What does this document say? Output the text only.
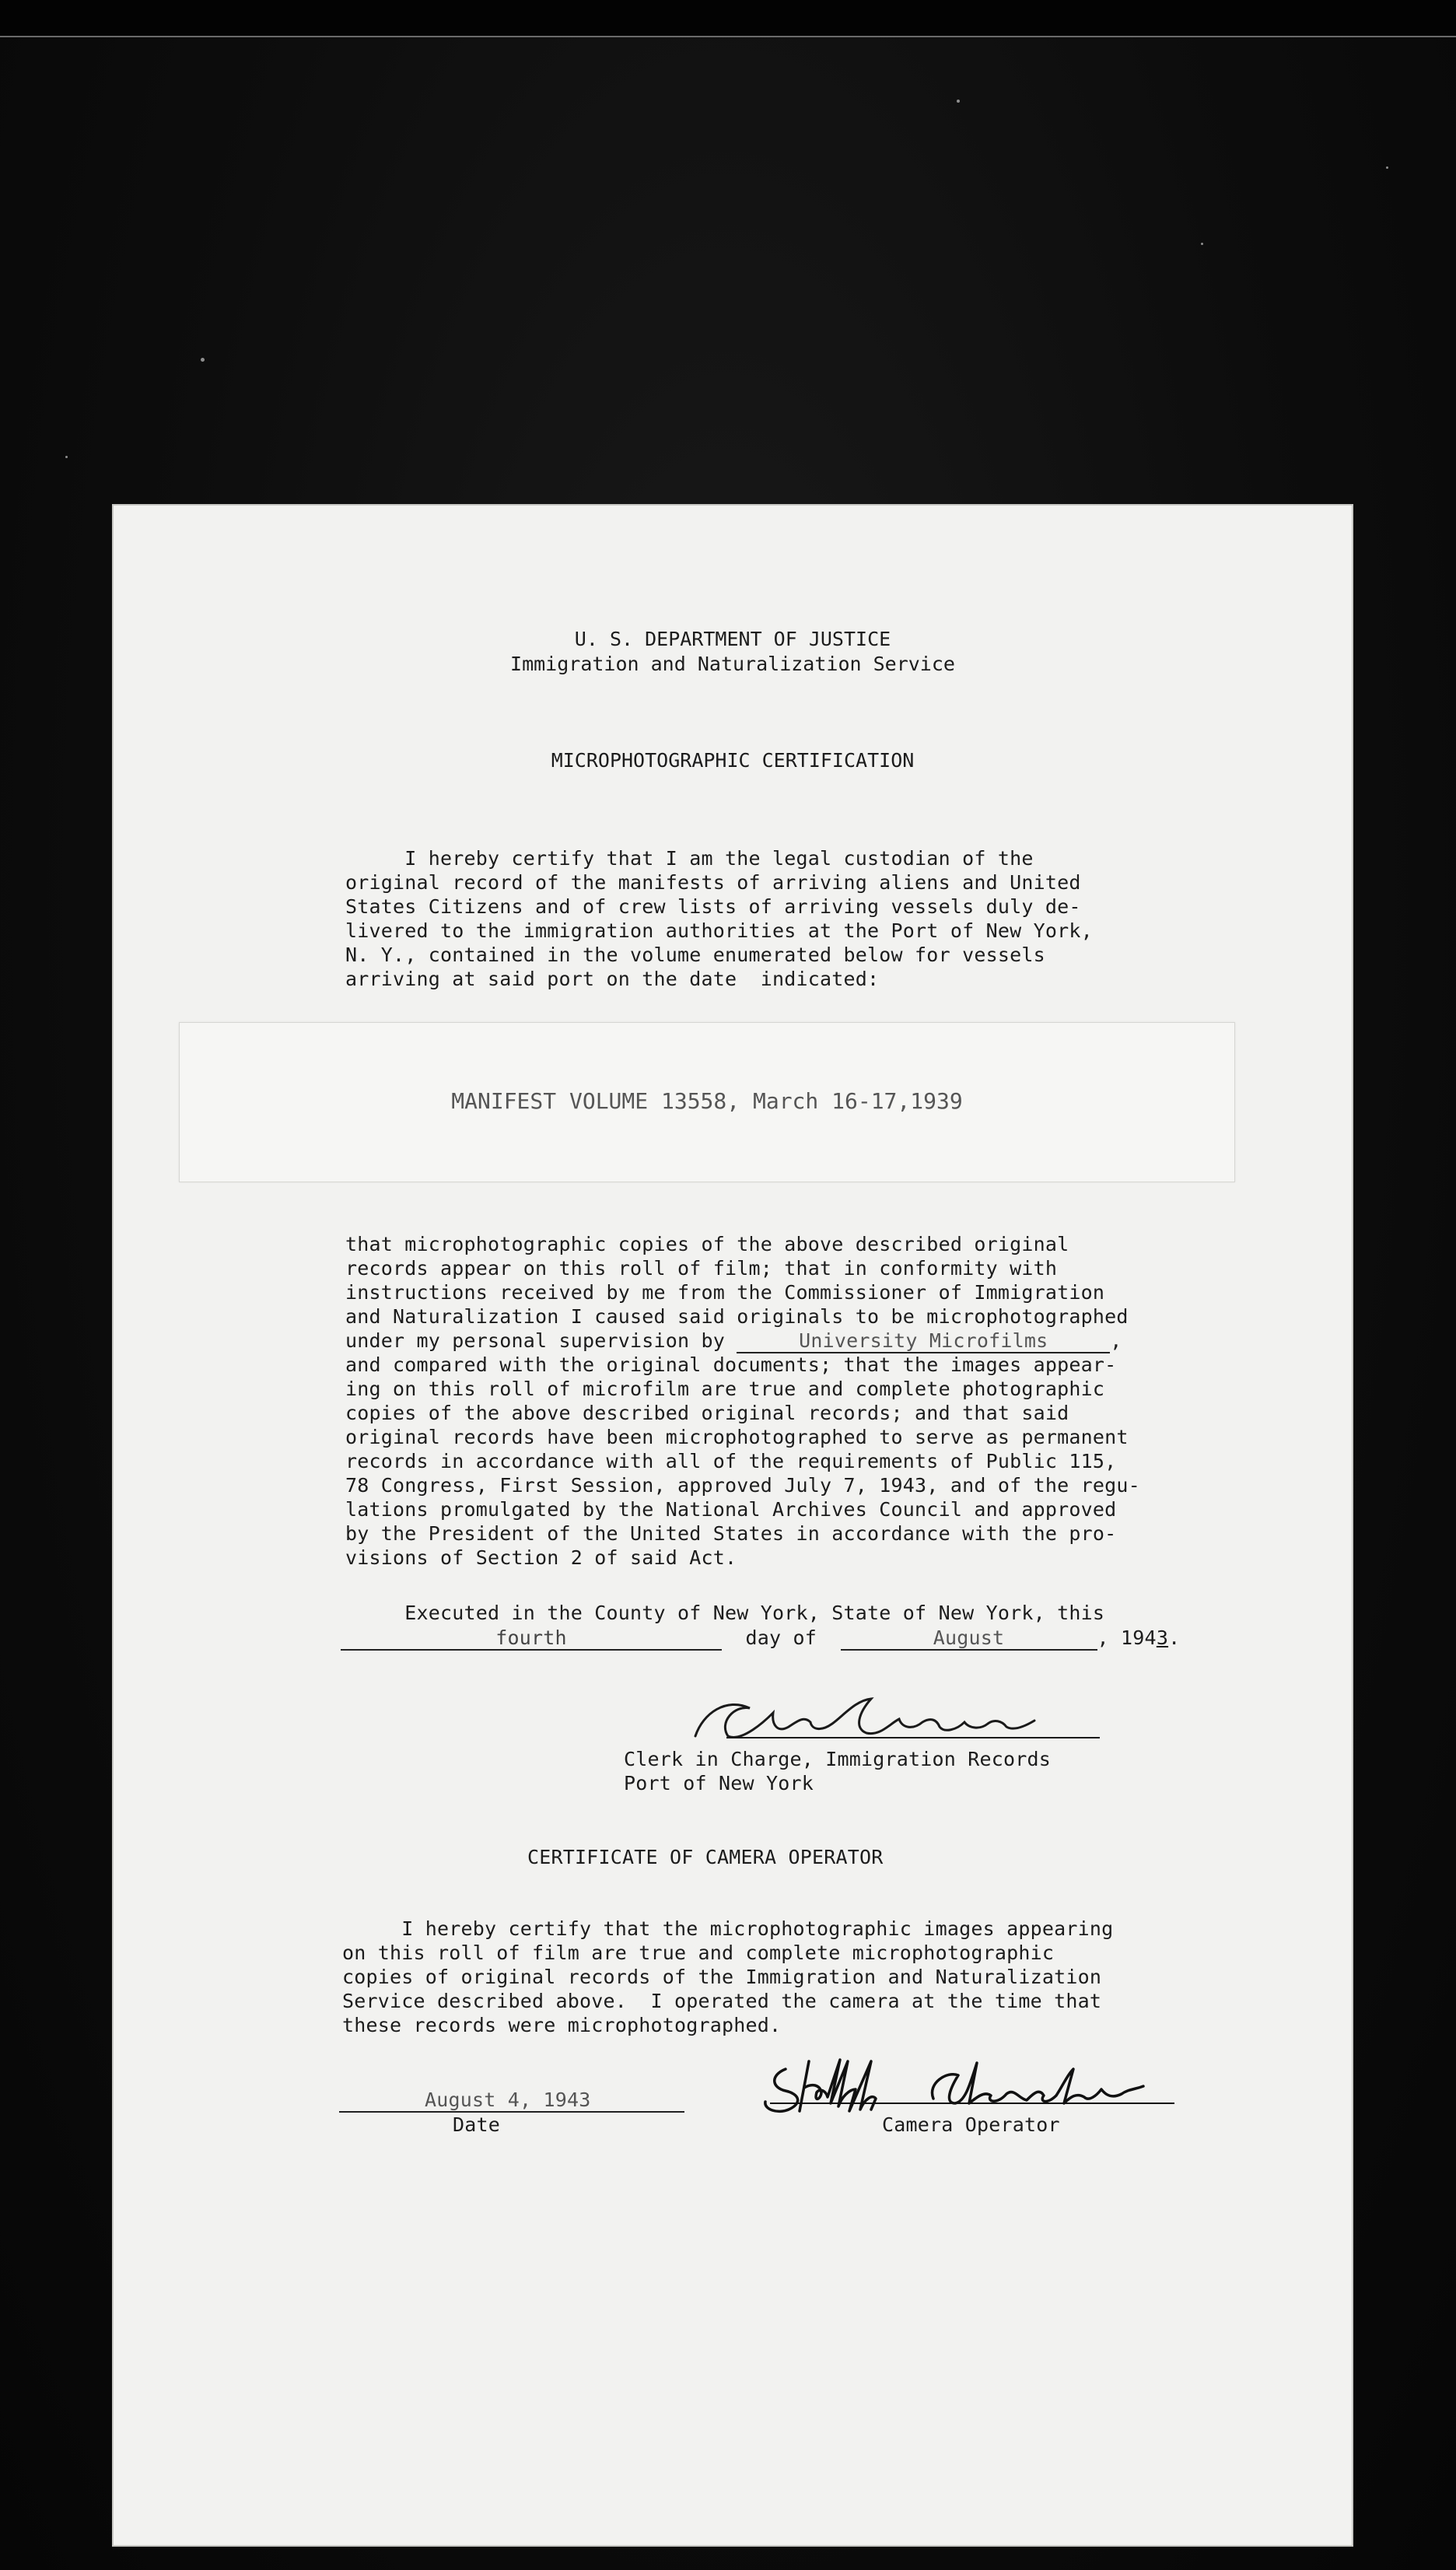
U. S. DEPARTMENT OF JUSTICE
Immigration and Naturalization Service
MICROPHOTOGRAPHIC CERTIFICATION
I hereby certify that I am the legal custodian of the
original record of the manifests of arriving aliens and United
States Citizens and of crew lists of arriving vessels duly de-
livered to the immigration authorities at the Port of New York,
N. Y., contained in the volume enumerated below for vessels
arriving at said port on the date  indicated:
MANIFEST VOLUME 13558, March 16-17,1939
that microphotographic copies of the above described original
records appear on this roll of film; that in conformity with
instructions received by me from the Commissioner of Immigration
and Naturalization I caused said originals to be microphotographed
under my personal supervision by	University Microfilms	,
and compared with the original documents; that the images appear-
ing on this roll of microfilm are true and complete photographic
copies of the above described original records; and that said
original records have been microphotographed to serve as permanent
records in accordance with all of the requirements of Public 115,
78 Congress, First Session, approved July 7, 1943, and of the regu-
lations promulgated by the National Archives Council and approved
by the President of the United States in accordance with the pro-
visions of Section 2 of said Act.
Executed in the County of New York, State of New York, this
fourth	day of	August	, 1943.
Clerk in Charge, Immigration Records
Port of New York
CERTIFICATE OF CAMERA OPERATOR
I hereby certify that the microphotographic images appearing
on this roll of film are true and complete microphotographic
copies of original records of the Immigration and Naturalization
Service described above.  I operated the camera at the time that
these records were microphotographed.
August 4, 1943
Date	Camera Operator
